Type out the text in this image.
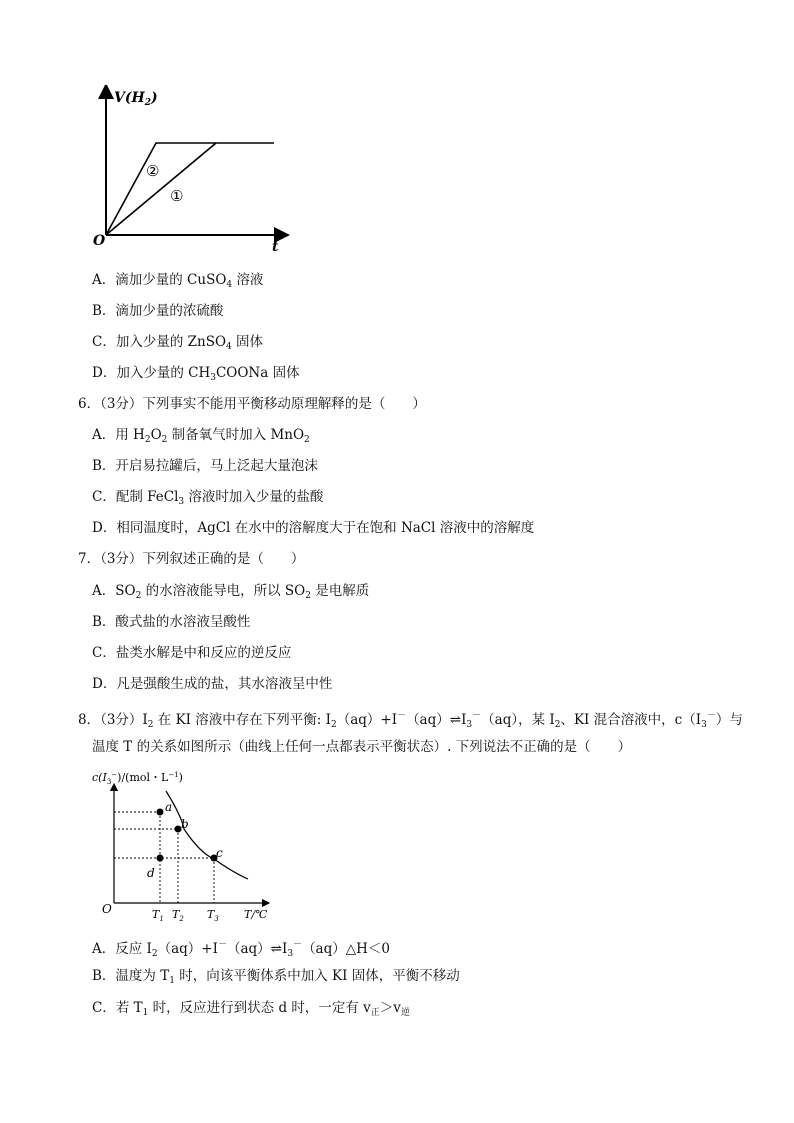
$V(H_2)$
O	t
②
①
A．滴加少量的 CuSO$_4$ 溶液
B．滴加少量的浓硫酸
C．加入少量的 ZnSO$_4$ 固体
D．加入少量的 $CH_3COONa$ 固体
6．（3分）下列事实不能用平衡移动原理解释的是（　　）
A．用 $H_2O_2$ 制备氧气时加入 MnO$_2$
B．开启易拉罐后，马上泛起大量泡沫
C．配制 FeCl$_3$ 溶液时加入少量的盐酸
D．相同温度时，AgCl 在水中的溶解度大于在饱和 NaCl 溶液中的溶解度
7．（3分）下列叙述正确的是（　　）
A．$SO_2$ 的水溶液能导电，所以 $SO_2$ 是电解质
B．酸式盐的水溶液呈酸性
C．盐类水解是中和反应的逆反应
D．凡是强酸生成的盐，其水溶液呈中性
8．（3分）$I_2$ 在 KI 溶液中存在下列平衡: $I_2(aq)+I^-(aq)\rightleftharpoons I_3^-(aq)$，某 $I_2$、KI 混合溶液中，$c(I_3^-)$与
温度 T 的关系如图所示（曲线上任何一点都表示平衡状态）. 下列说法不正确的是（　　）
a
b
c
d
$c(I_3^-)/(mol$・$L^{-1}$)
O	$T_1$ $T_2$ $T_3$ T/℃
A．反应 $I_2(aq)+I^-(aq)\rightleftharpoons I_3^-(aq)\triangle H<0$
B．温度为 $T_1$ 时，向该平衡体系中加入 KI 固体，平衡不移动
C．若 $T_1$ 时，反应进行到状态 d 时，一定有 $v_正>v_逆$
